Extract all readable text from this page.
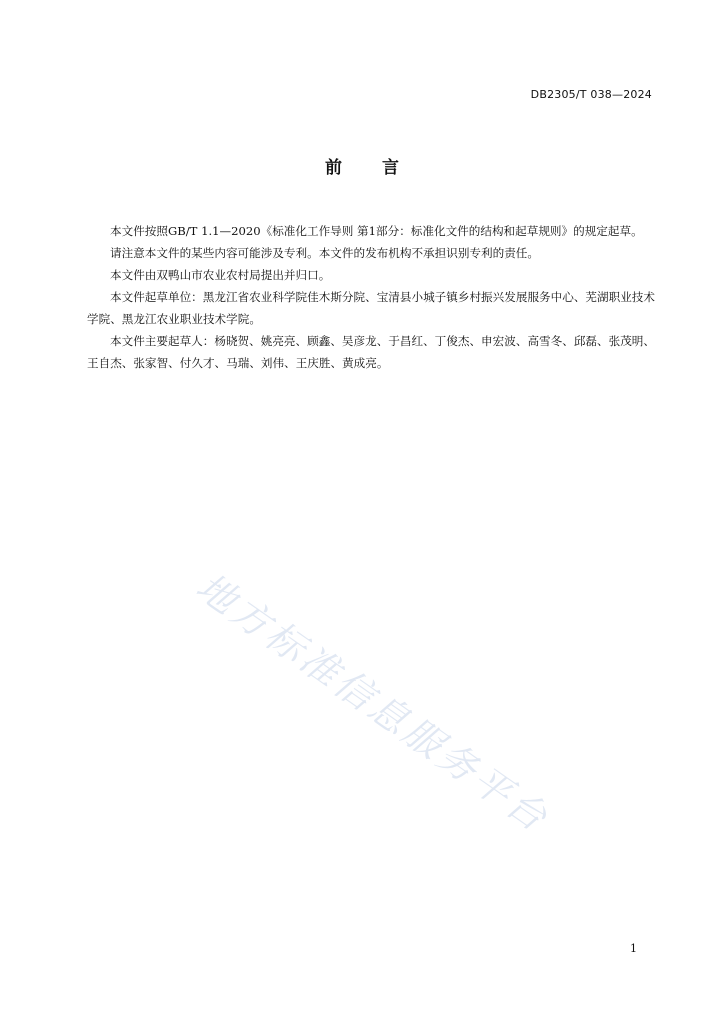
DB2305/T 038—2024
前言

本文件按照GB/T 1.1—2020《标准化工作导则 第1部分：标准化文件的结构和起草规则》的规定起草。

请注意本文件的某些内容可能涉及专利。本文件的发布机构不承担识别专利的责任。

本文件由双鸭山市农业农村局提出并归口。

本文件起草单位：黑龙江省农业科学院佳木斯分院、宝清县小城子镇乡村振兴发展服务中心、芜湖职业技术学院、黑龙江农业职业技术学院。

本文件主要起草人：杨晓贺、姚亮亮、顾鑫、吴彦龙、于昌红、丁俊杰、申宏波、高雪冬、邱磊、张茂明、王自杰、张家智、付久才、马瑞、刘伟、王庆胜、黄成亮。

地方标准信息服务平台
1
